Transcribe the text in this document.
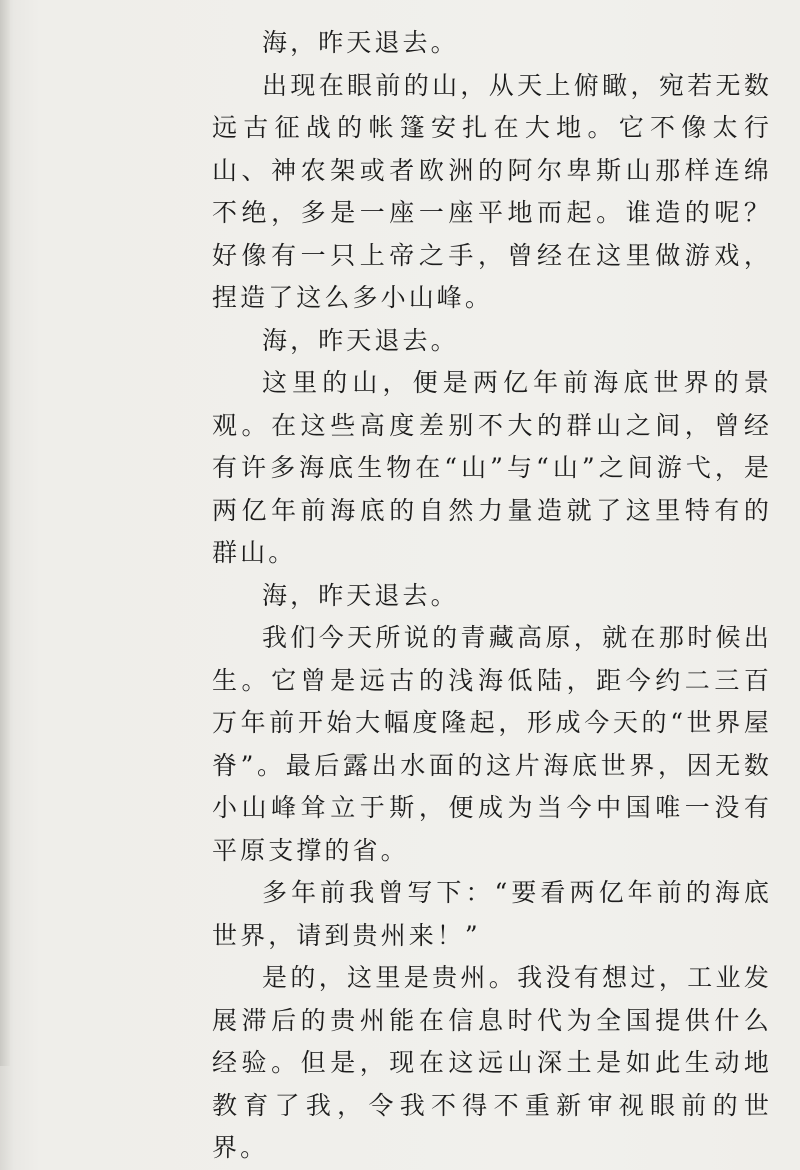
海，昨天退去。

出现在眼前的山，从天上俯瞰，宛若无数远古征战的帐篷安扎在大地。它不像太行山、神农架或者欧洲的阿尔卑斯山那样连绵不绝，多是一座一座平地而起。谁造的呢？好像有一只上帝之手，曾经在这里做游戏，捏造了这么多小山峰。

海，昨天退去。

这里的山，便是两亿年前海底世界的景观。在这些高度差别不大的群山之间，曾经有许多海底生物在“山”与“山”之间游弋，是两亿年前海底的自然力量造就了这里特有的群山。

海，昨天退去。

我们今天所说的青藏高原，就在那时候出生。它曾是远古的浅海低陆，距今约二三百万年前开始大幅度隆起，形成今天的“世界屋脊”。最后露出水面的这片海底世界，因无数小山峰耸立于斯，便成为当今中国唯一没有平原支撑的省。

多年前我曾写下：“要看两亿年前的海底世界，请到贵州来！”

是的，这里是贵州。我没有想过，工业发展滞后的贵州能在信息时代为全国提供什么经验。但是，现在这远山深土是如此生动地教育了我，令我不得不重新审视眼前的世界。
